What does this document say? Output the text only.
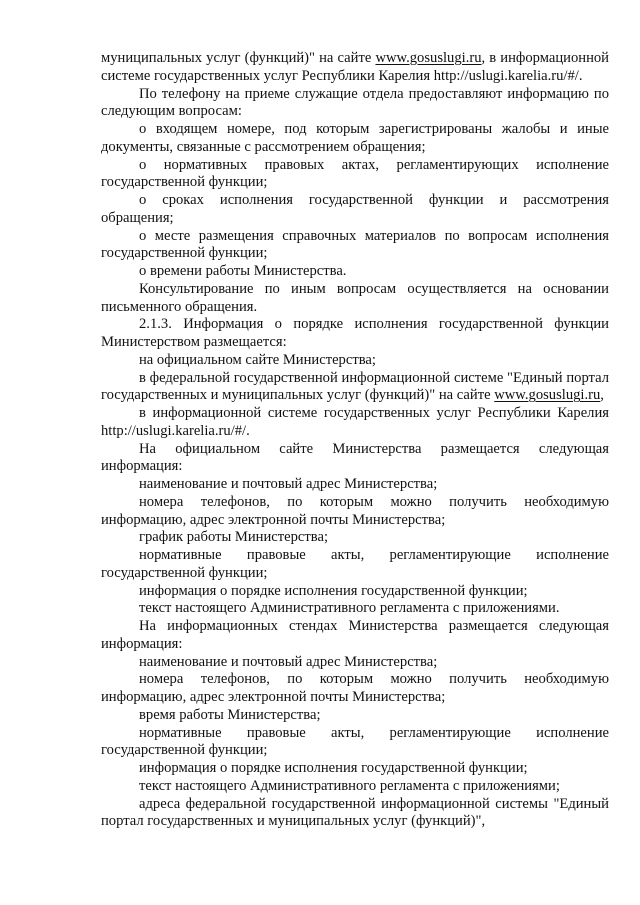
муниципальных услуг (функций)" на сайте www.gosuslugi.ru, в информационной системе государственных услуг Республики Карелия http://uslugi.karelia.ru/#/.

По телефону на приеме служащие отдела предоставляют информацию по следующим вопросам:

о входящем номере, под которым зарегистрированы жалобы и иные документы, связанные с рассмотрением обращения;

о нормативных правовых актах, регламентирующих исполнение государственной функции;

о сроках исполнения государственной функции и рассмотрения обращения;

о месте размещения справочных материалов по вопросам исполнения государственной функции;

о времени работы Министерства.

Консультирование по иным вопросам осуществляется на основании письменного обращения.

2.1.3. Информация о порядке исполнения государственной функции Министерством размещается:

на официальном сайте Министерства;

в федеральной государственной информационной системе "Единый портал государственных и муниципальных услуг (функций)" на сайте www.gosuslugi.ru,

в информационной системе государственных услуг Республики Карелия http://uslugi.karelia.ru/#/.

На официальном сайте Министерства размещается следующая информация:

наименование и почтовый адрес Министерства;

номера телефонов, по которым можно получить необходимую информацию, адрес электронной почты Министерства;

график работы Министерства;

нормативные правовые акты, регламентирующие исполнение государственной функции;

информация о порядке исполнения государственной функции;

текст настоящего Административного регламента с приложениями.

На информационных стендах Министерства размещается следующая информация:

наименование и почтовый адрес Министерства;

номера телефонов, по которым можно получить необходимую информацию, адрес электронной почты Министерства;

время работы Министерства;

нормативные правовые акты, регламентирующие исполнение государственной функции;

информация о порядке исполнения государственной функции;

текст настоящего Административного регламента с приложениями;

адреса федеральной государственной информационной системы "Единый портал государственных и муниципальных услуг (функций)",
